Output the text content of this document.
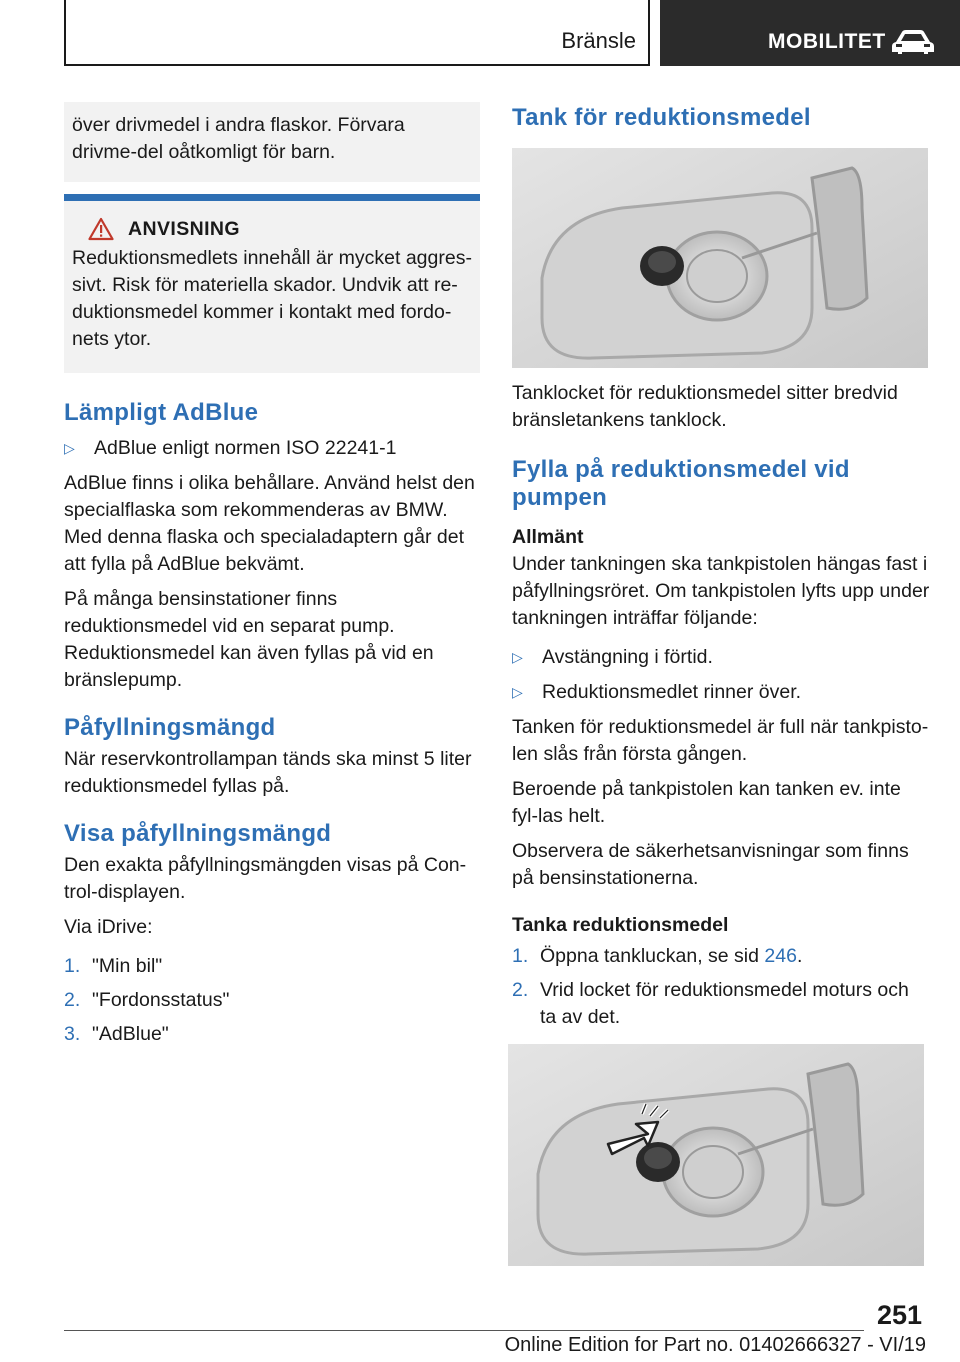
Bränsle	MOBILITET

över drivmedel i andra flaskor. Förvara drivme-del oåtkomligt för barn.

ANVISNING

Reduktionsmedlets innehåll är mycket aggres-sivt. Risk för materiella skador. Undvik att re-duktionsmedel kommer i kontakt med fordo-nets ytor.

Lämpligt AdBlue
▷ AdBlue enligt normen ISO 22241-1

AdBlue finns i olika behållare. Använd helst den specialflaska som rekommenderas av BMW. Med denna flaska och specialadaptern går det att fylla på AdBlue bekvämt.

På många bensinstationer finns reduktionsmedel vid en separat pump. Reduktionsmedel kan även fyllas på vid en bränslepump.

Påfyllningsmängd

När reservkontrollampan tänds ska minst 5 liter reduktionsmedel fyllas på.

Visa påfyllningsmängd

Den exakta påfyllningsmängden visas på Con-trol-displayen.

Via iDrive:

1. "Min bil"
2. "Fordonsstatus"
3. "AdBlue"
Tank för reduktionsmedel

Tanklocket för reduktionsmedel sitter bredvid bränsletankens tanklock.

Fylla på reduktionsmedel vid pumpen
Allmänt

Under tankningen ska tankpistolen hängas fast i påfyllningsröret. Om tankpistolen lyfts upp under tankningen inträffar följande:

▷ Avstängning i förtid.
▷ Reduktionsmedlet rinner över.

Tanken för reduktionsmedel är full när tankpisto-len slås från första gången.

Beroende på tankpistolen kan tanken ev. inte fyl-las helt.

Observera de säkerhetsanvisningar som finns på bensinstationerna.

Tanka reduktionsmedel
1. Öppna tankluckan, se sid 246.
2. Vrid locket för reduktionsmedel moturs och ta av det.
251
Online Edition for Part no. 01402666327 - VI/19
